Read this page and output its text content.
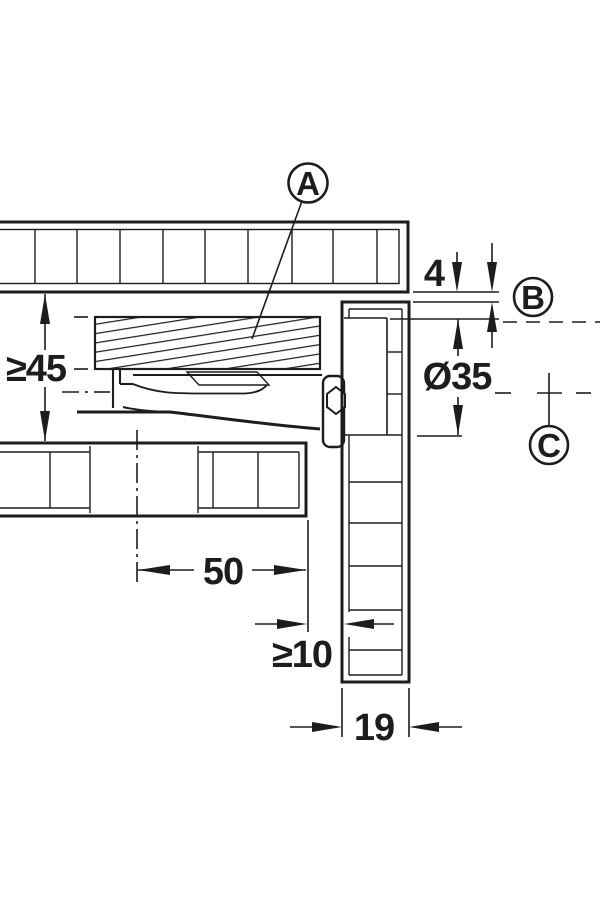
A
4
Ø35
B
C
≥45
50
≥10
19
